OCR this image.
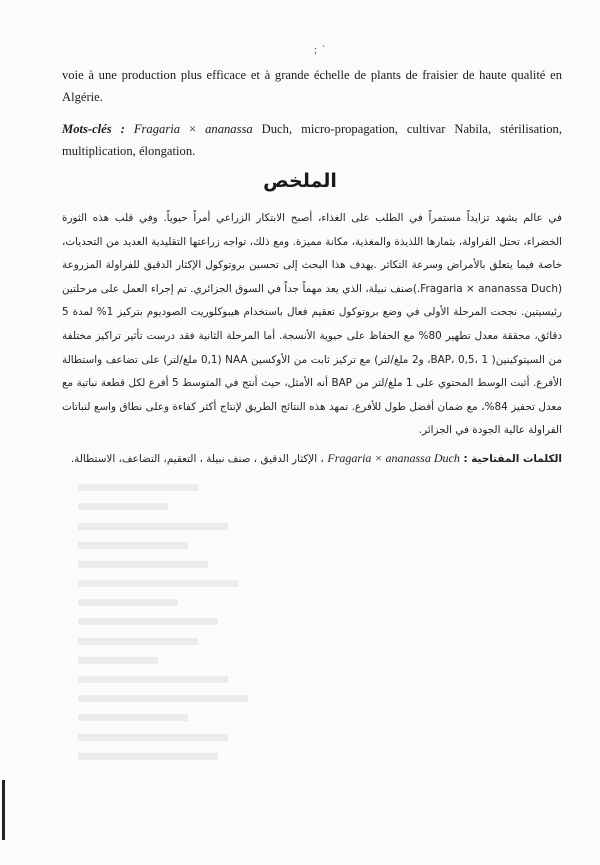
; `

voie à une production plus efficace et à grande échelle de plants de fraisier de haute qualité en Algérie.

Mots-clés : Fragaria × ananassa Duch, micro-propagation, cultivar Nabila, stérilisation, multiplication, élongation.

الملخص

في عالم يشهد تزايداً مستمراً في الطلب على الغذاء، أصبح الابتكار الزراعي أمراً حيوياً. وفي قلب هذه الثورة الخضراء، تحتل الفراولة، بثمارها اللذيذة والمغذية، مكانة مميزة. ومع ذلك، تواجه زراعتها التقليدية العديد من التحديات، خاصة فيما يتعلق بالأمراض وسرعة التكاثر .يهدف هذا البحث إلى تحسين بروتوكول الإكثار الدقيق للفراولة المزروعة (Fragaria × ananassa Duch.)صنف نبيلة، الذي يعد مهماً جداً في السوق الجزائري. تم إجراء العمل على مرحلتين رئيسيتين. نجحت المرحلة الأولى في وضع بروتوكول تعقيم فعال باستخدام هيبوكلوريت الصوديوم بتركيز 1% لمدة 5 دقائق، محققة معدل تطهير 80% مع الحفاظ على حيوية الأنسجة. أما المرحلة الثانية فقد درست تأثير تراكيز مختلفة من السيتوكينين( BAP، 0,5، 1، و2 ملغ/لتر) مع تركيز ثابت من الأوكسين NAA (0,1 ملغ/لتر) على تضاعف واستطالة الأفرع. أثبت الوسط المحتوي على 1 ملغ/لتر من BAP أنه الأمثل، حيث أنتج في المتوسط 5 أفرع لكل قطعة نباتية مع معدل تحفيز 84%، مع ضمان أفضل طول للأفرع. تمهد هذه النتائج الطريق لإنتاج أكثر كفاءة وعلى نطاق واسع لنباتات الفراولة عالية الجودة في الجزائر.

الكلمات المفتاحية : Fragaria × ananassa Duch ، الإكثار الدقيق ، صنف نبيلة ، التعقيم، التضاعف، الاستطالة.
